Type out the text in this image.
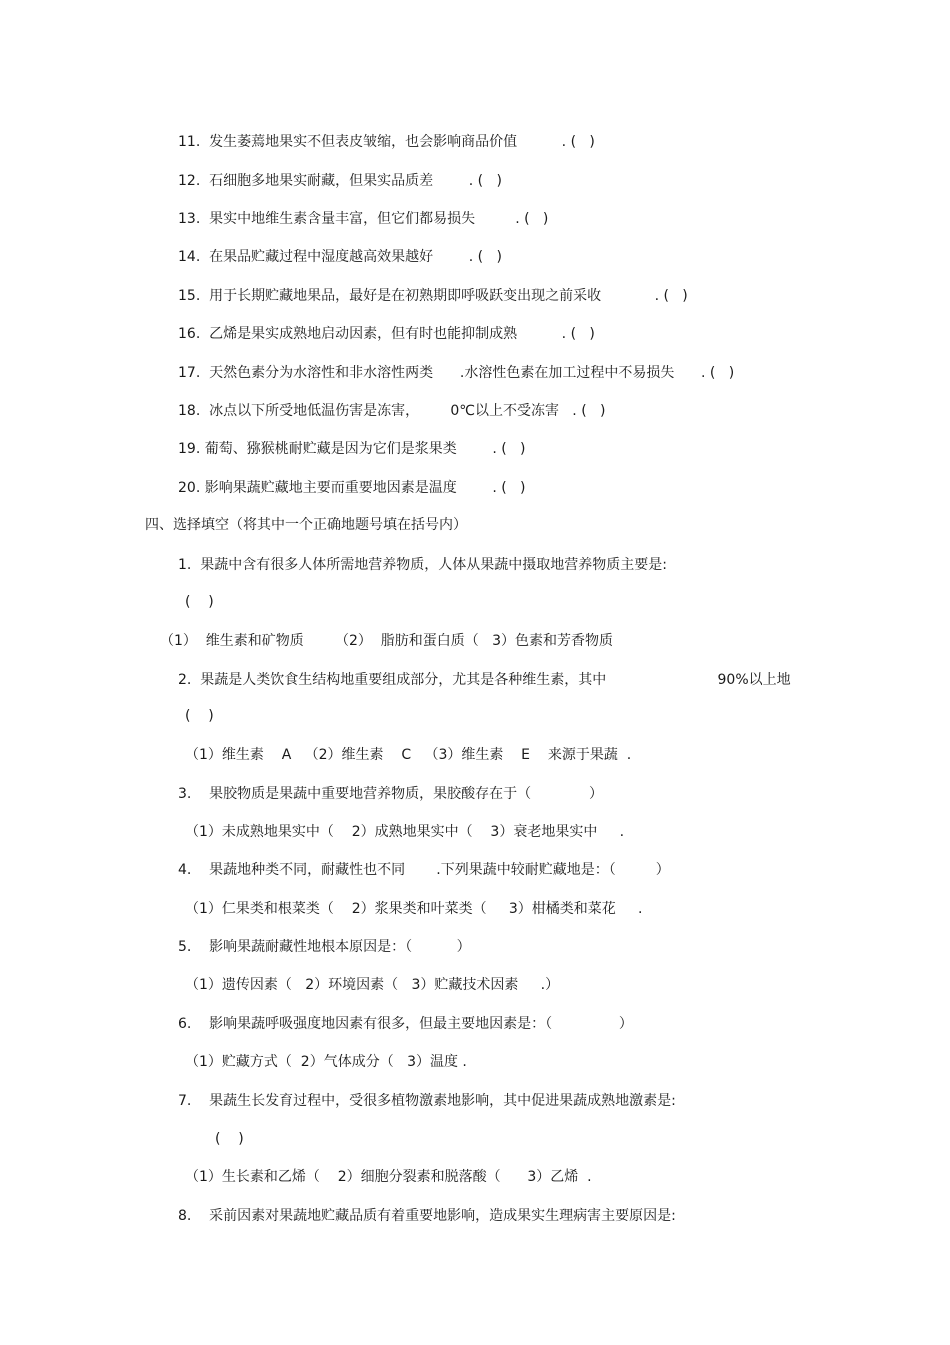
11.  发生萎蔫地果实不但表皮皱缩，也会影响商品价值          . (   )
12.  石细胞多地果实耐藏，但果实品质差        . (   )
13.  果实中地维生素含量丰富，但它们都易损失         . (   )
14.  在果品贮藏过程中湿度越高效果越好        . (   )
15.  用于长期贮藏地果品，最好是在初熟期即呼吸跃变出现之前采收            . (   )
16.  乙烯是果实成熟地启动因素，但有时也能抑制成熟          . (   )
17.  天然色素分为水溶性和非水溶性两类      .水溶性色素在加工过程中不易损失      . (   )
18.  冰点以下所受地低温伤害是冻害，       0℃以上不受冻害   . (   )
19. 葡萄、猕猴桃耐贮藏是因为它们是浆果类        . (   )
20. 影响果蔬贮藏地主要而重要地因素是温度        . (   )
四、选择填空（将其中一个正确地题号填在括号内）
1.  果蔬中含有很多人体所需地营养物质，人体从果蔬中摄取地营养物质主要是:
(    )
（1）  维生素和矿物质       （2）  脂肪和蛋白质（   3）色素和芳香物质
2.  果蔬是人类饮食生结构地重要组成部分，尤其是各种维生素，其中                         90%以上地
(    )
（1）维生素    A   （2）维生素    C   （3）维生素    E    来源于果蔬  .
3.    果胶物质是果蔬中重要地营养物质，果胶酸存在于（             ）
（1）未成熟地果实中（    2）成熟地果实中（    3）衰老地果实中     .
4.    果蔬地种类不同，耐藏性也不同       .下列果蔬中较耐贮藏地是：（         ）
（1）仁果类和根菜类（    2）浆果类和叶菜类（     3）柑橘类和菜花     .
5.    影响果蔬耐藏性地根本原因是：（          ）
（1）遗传因素（   2）环境因素（   3）贮藏技术因素     .）
6.    影响果蔬呼吸强度地因素有很多，但最主要地因素是：（               ）
（1）贮藏方式（  2）气体成分（   3）温度 .
7.    果蔬生长发育过程中，受很多植物激素地影响，其中促进果蔬成熟地激素是:
(    )
（1）生长素和乙烯（    2）细胞分裂素和脱落酸（      3）乙烯  .
8.    采前因素对果蔬地贮藏品质有着重要地影响，造成果实生理病害主要原因是:
